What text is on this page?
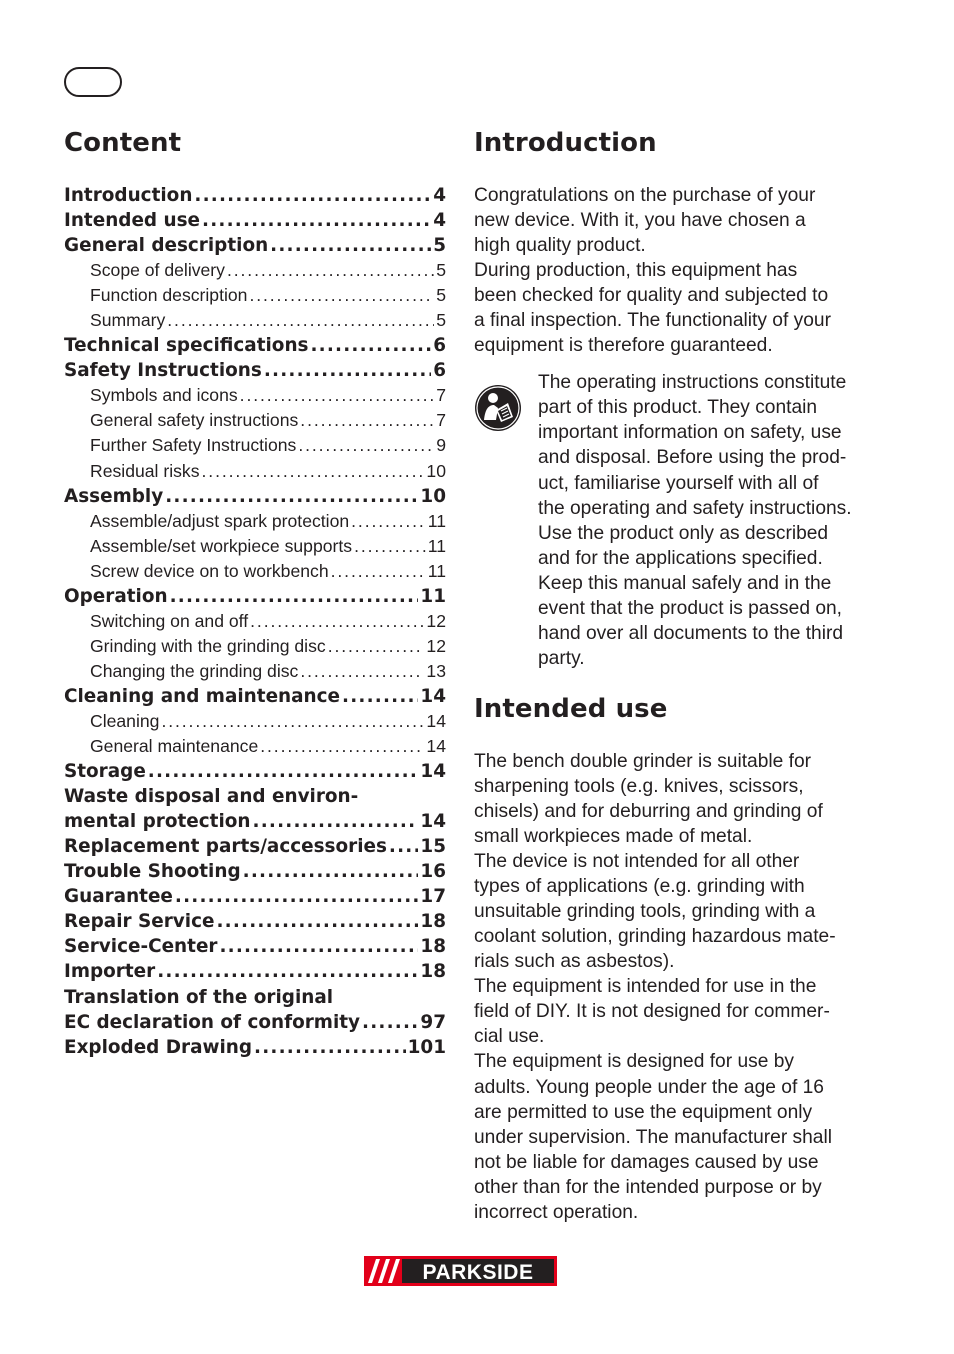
Content
Introduction . . .	4
Intended use . . .	4
General description . . .	5
Scope of delivery . . .	5
Function description . . .	5
Summary . . .	5
Technical specifications . . .	6
Safety Instructions . . .	6
Symbols and icons . . .	7
General safety instructions . . .	7
Further Safety Instructions . . .	9
Residual risks . . .	10
Assembly . . .	10
Assemble/adjust spark protection . . .	11
Assemble/set workpiece supports . . .	11
Screw device on to workbench . . .	11
Operation . . .	11
Switching on and off . . .	12
Grinding with the grinding disc . . .	12
Changing the grinding disc . . .	13
Cleaning and maintenance . . .	14
Cleaning . . .	14
General maintenance . . .	14
Storage . . .	14
Waste disposal and environ-
mental protection . . .	14
Replacement parts/accessories . . . 15
Trouble Shooting . . .	16
Guarantee . . .	17
Repair Service . . .	18
Service-Center . . .	18
Importer . . .	18
Translation of the original
EC declaration of conformity . . .	97
Exploded Drawing . . .	101
Introduction

Congratulations on the purchase of your

new device. With it, you have chosen a

high quality product.

During production, this equipment has

been checked for quality and subjected to

a final inspection. The functionality of your

equipment is therefore guaranteed.

The operating instructions constitute

part of this product. They contain

important information on safety, use

and disposal. Before using the prod-

uct, familiarise yourself with all of

the operating and safety instructions.

Use the product only as described

and for the applications specified.

Keep this manual safely and in the

event that the product is passed on,

hand over all documents to the third

party.

Intended use

The bench double grinder is suitable for

sharpening tools (e.g. knives, scissors,

chisels) and for deburring and grinding of

small workpieces made of metal.

The device is not intended for all other

types of applications (e.g. grinding with

unsuitable grinding tools, grinding with a

coolant solution, grinding hazardous mate-

rials such as asbestos).

The equipment is intended for use in the

field of DIY. It is not designed for commer-

cial use.

The equipment is designed for use by

adults. Young people under the age of 16

are permitted to use the equipment only

under supervision. The manufacturer shall

not be liable for damages caused by use

other than for the intended purpose or by

incorrect operation.

PARKSIDE
